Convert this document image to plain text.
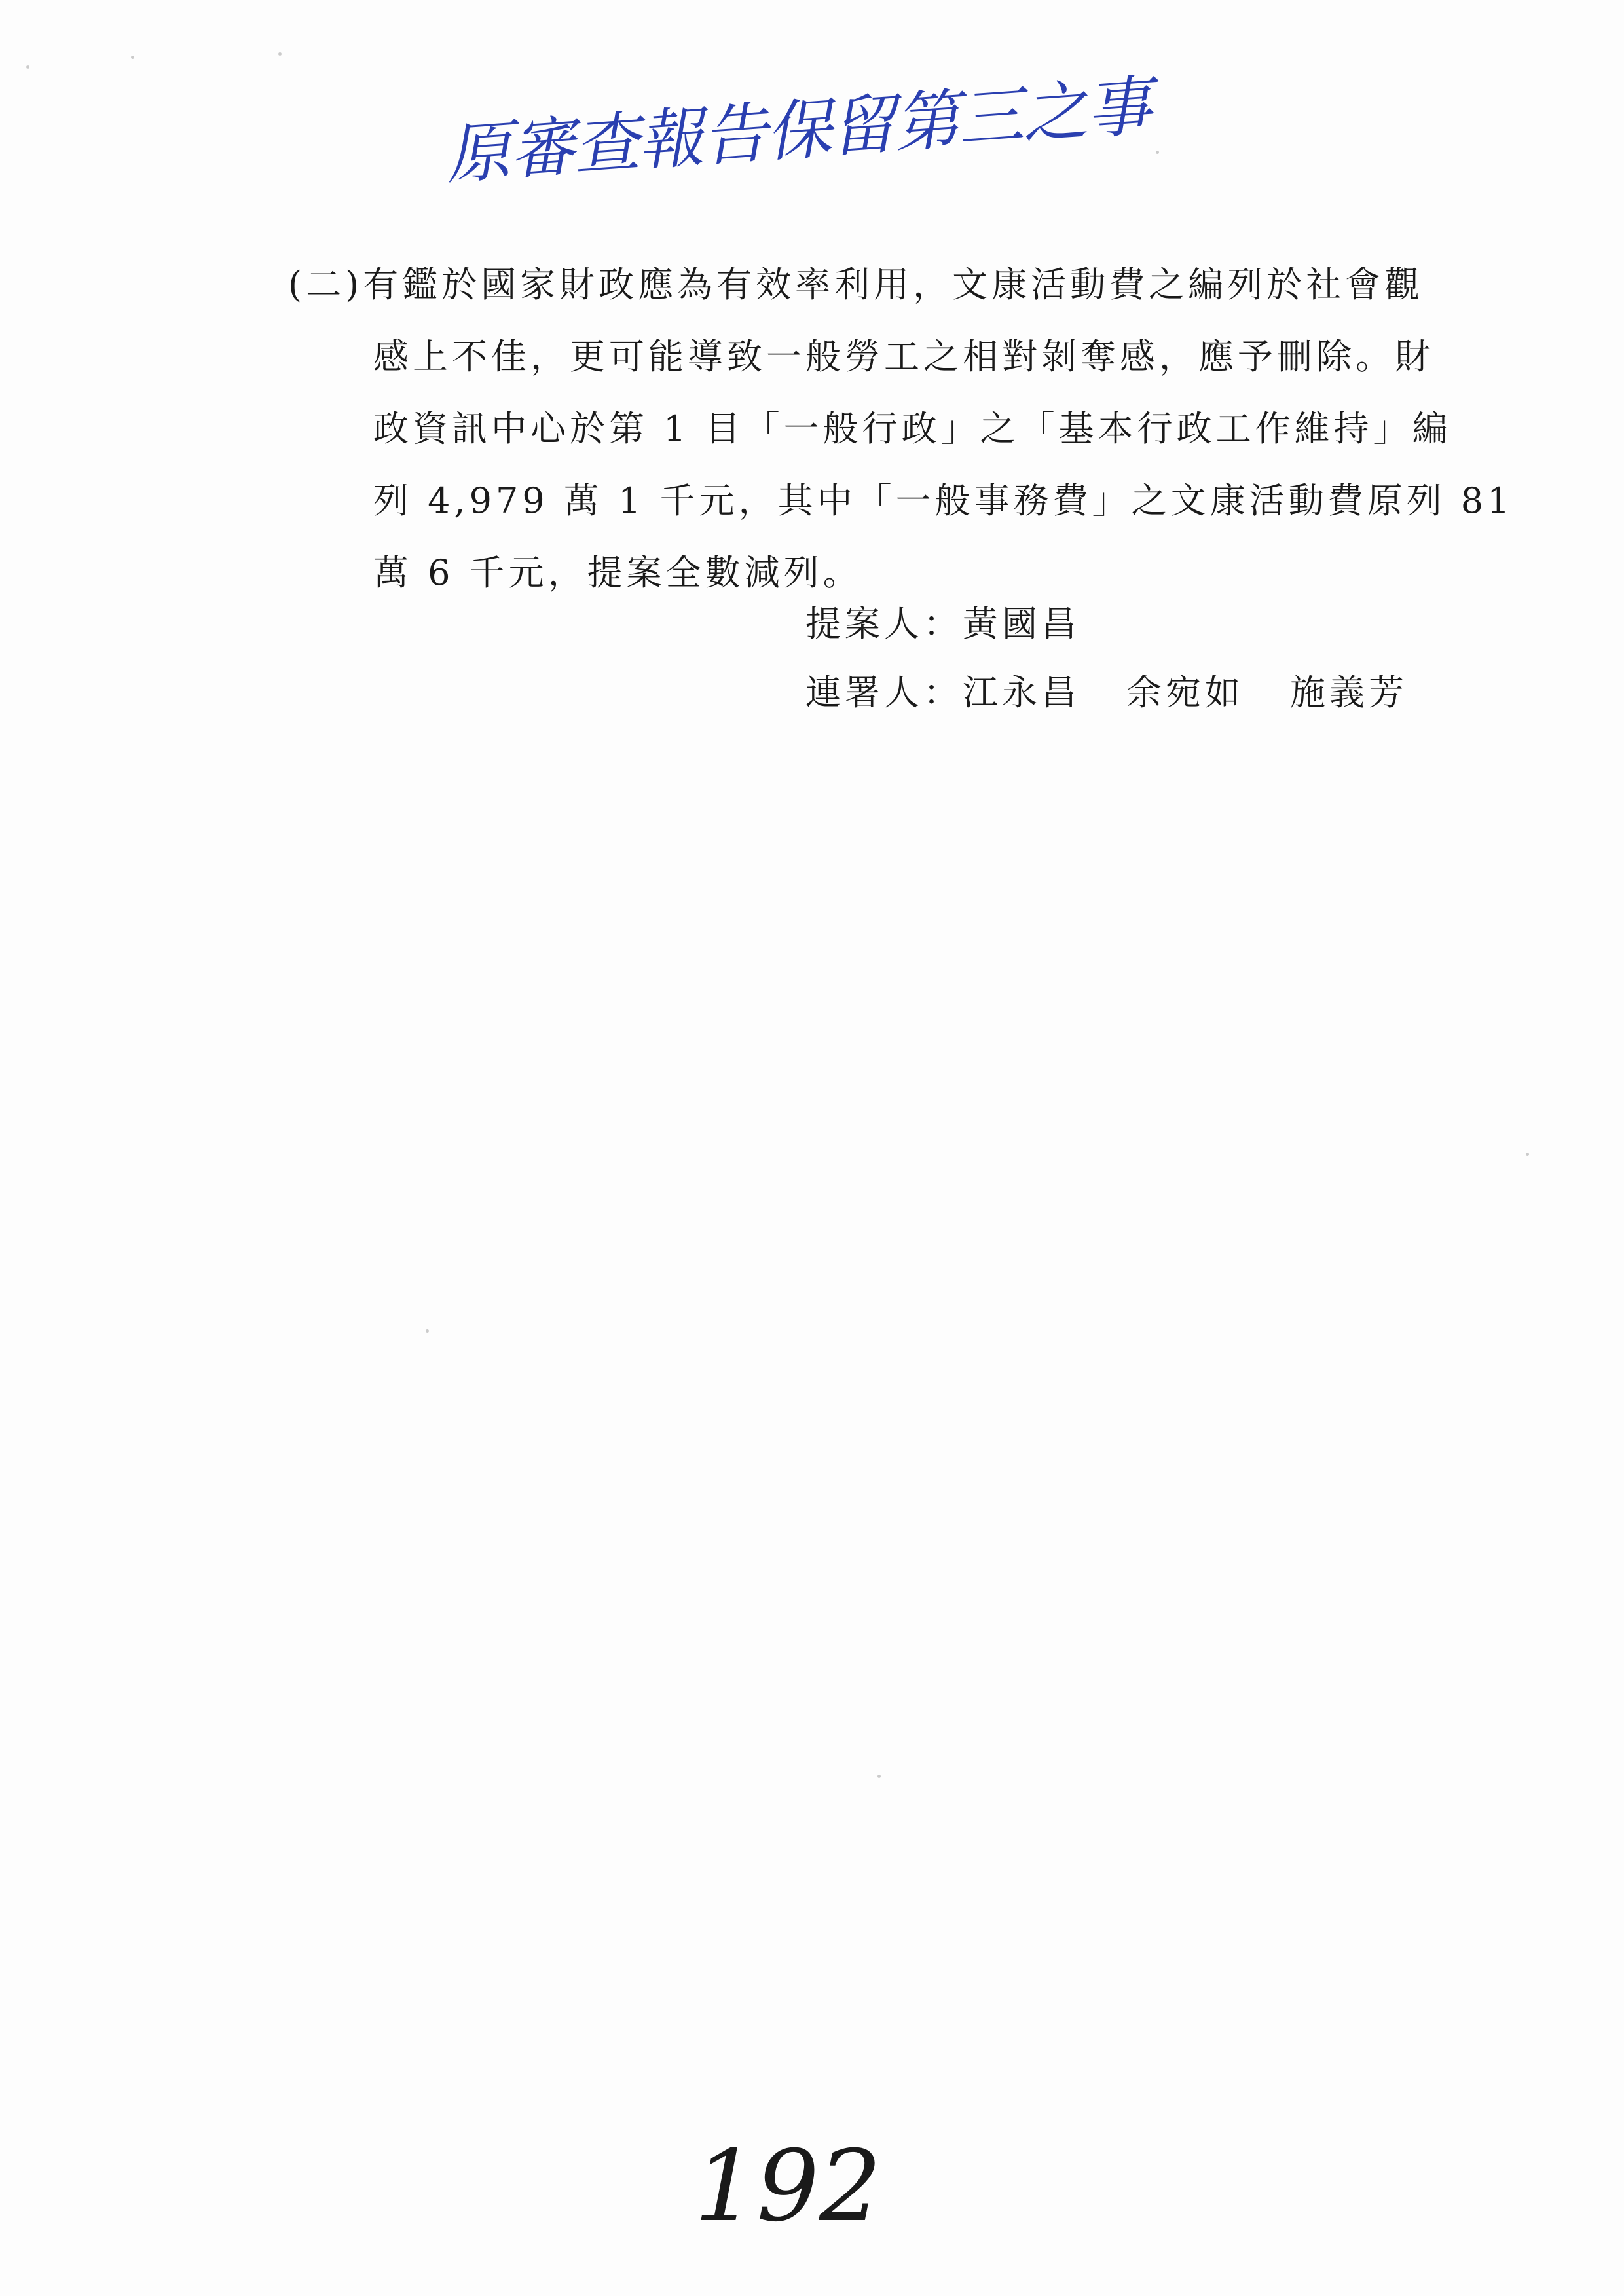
原審查報告保留第三之事
(二)有鑑於國家財政應為有效率利用，文康活動費之編列於社會觀
感上不佳，更可能導致一般勞工之相對剝奪感，應予刪除。財
政資訊中心於第 1 目「一般行政」之「基本行政工作維持」編
列 4,979 萬 1 千元，其中「一般事務費」之文康活動費原列 81
萬 6 千元，提案全數減列。
提案人：黃國昌
連署人：江永昌 余宛如 施義芳
192
